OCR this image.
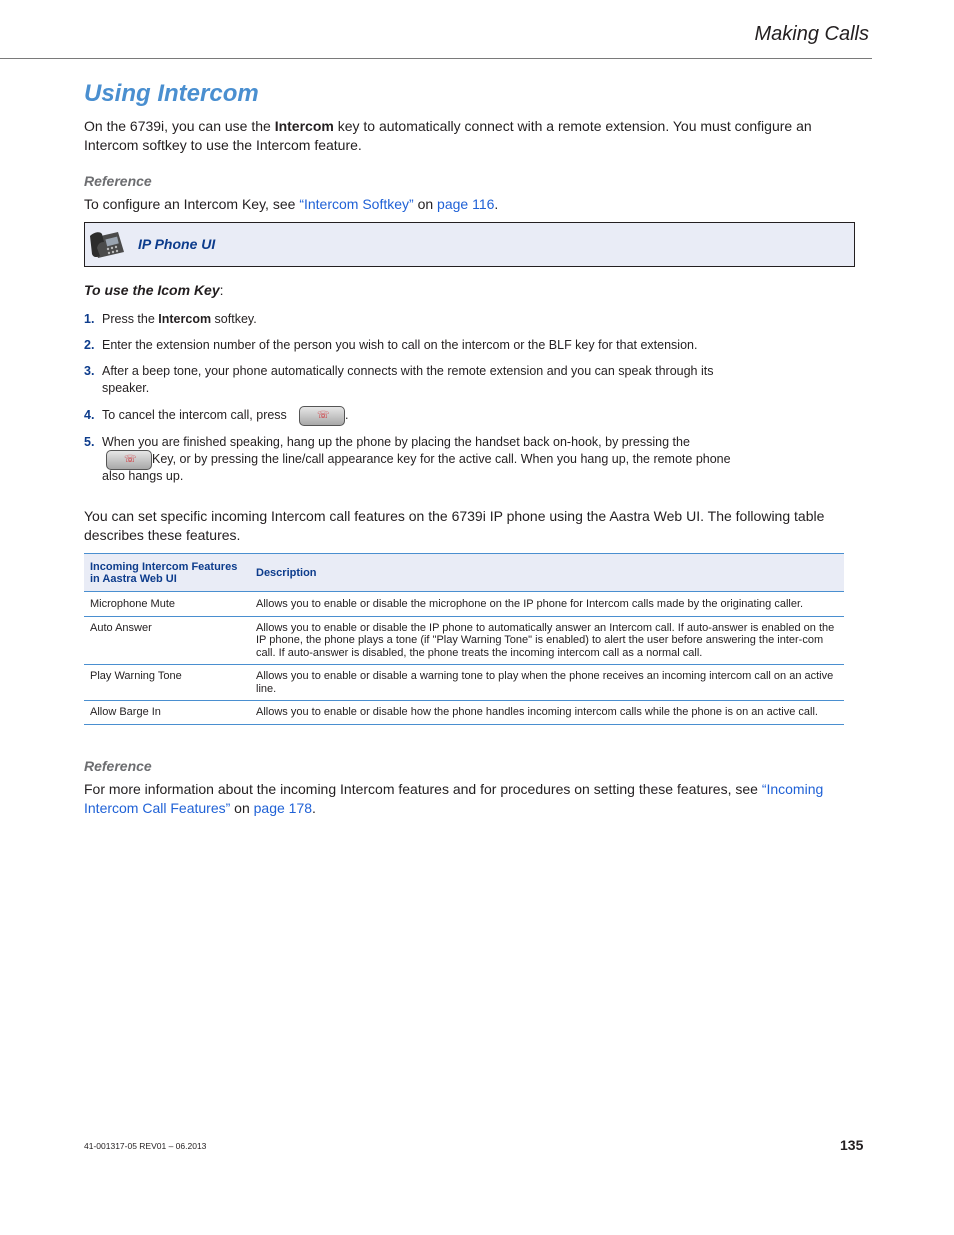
Making Calls
Using Intercom
On the 6739i, you can use the Intercom key to automatically connect with a remote extension. You must configure an Intercom softkey to use the Intercom feature.
Reference
To configure an Intercom Key, see “Intercom Softkey” on page 116.
IP Phone UI
To use the Icom Key:
1. Press the Intercom softkey.
2. Enter the extension number of the person you wish to call on the intercom or the BLF key for that extension.
3. After a beep tone, your phone automatically connects with the remote extension and you can speak through its speaker.
4. To cancel the intercom call, press	☏ .
5. When you are finished speaking, hang up the phone by placing the handset back on-hook, by pressing the
☏	Key, or by pressing the line/call appearance key for the active call. When you hang up, the remote phone also hangs up.
You can set specific incoming Intercom call features on the 6739i IP phone using the Aastra Web UI. The following table describes these features.
Incoming Intercom Features in Aastra Web UI	Description
Microphone Mute	Allows you to enable or disable the microphone on the IP phone for Intercom calls made by the originating caller.
Auto Answer	Allows you to enable or disable the IP phone to automatically answer an Intercom call. If auto-answer is enabled on the IP phone, the phone plays a tone (if "Play Warning Tone" is enabled) to alert the user before answering the inter-com call. If auto-answer is disabled, the phone treats the incoming intercom call as a normal call.
Play Warning Tone	Allows you to enable or disable a warning tone to play when the phone receives an incoming intercom call on an active line.
Allow Barge In	Allows you to enable or disable how the phone handles incoming intercom calls while the phone is on an active call.
Reference
For more information about the incoming Intercom features and for procedures on setting these features, see “Incoming Intercom Call Features” on page 178.
41-001317-05 REV01 – 06.2013	135
